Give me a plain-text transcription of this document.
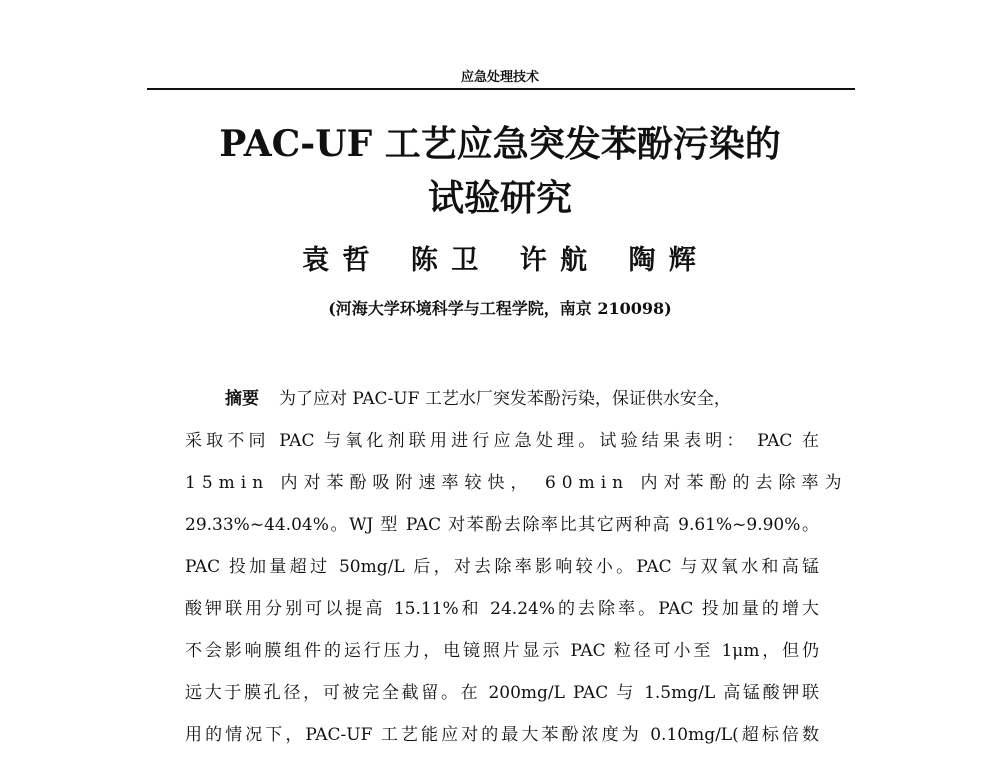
应急处理技术
PAC-UF 工艺应急突发苯酚污染的
试验研究
袁 哲 陈 卫 许 航 陶 辉
(河海大学环境科学与工程学院，南京 210098)
摘要 为了应对 PAC-UF 工艺水厂突发苯酚污染，保证供水安全，
采取不同 PAC 与氧化剂联用进行应急处理。试验结果表明： PAC 在
15min 内对苯酚吸附速率较快， 60min 内对苯酚的去除率为
29.33%~44.04%。WJ 型 PAC 对苯酚去除率比其它两种高 9.61%~9.90%。
PAC 投加量超过 50mg/L 后，对去除率影响较小。PAC 与双氧水和高锰
酸钾联用分别可以提高 15.11%和 24.24%的去除率。PAC 投加量的增大
不会影响膜组件的运行压力，电镜照片显示 PAC 粒径可小至 1μm，但仍
远大于膜孔径，可被完全截留。在 200mg/L PAC 与 1.5mg/L 高锰酸钾联
用的情况下，PAC-UF 工艺能应对的最大苯酚浓度为 0.10mg/L(超标倍数
